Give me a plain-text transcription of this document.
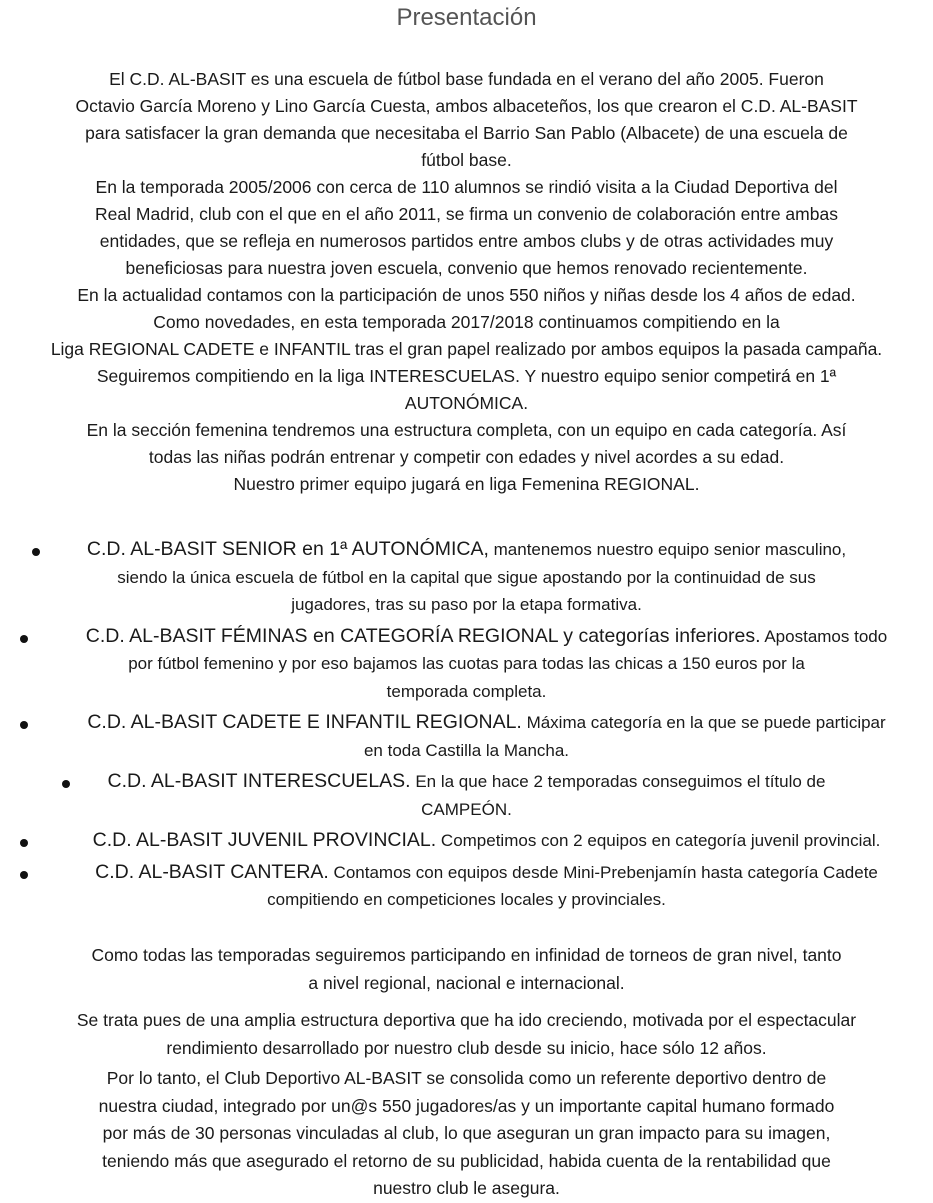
Presentación
El C.D. AL-BASIT es una escuela de fútbol base fundada en el verano del año 2005. Fueron
Octavio García Moreno y Lino García Cuesta, ambos albaceteños, los que crearon el C.D. AL-BASIT
para satisfacer la gran demanda que necesitaba el Barrio San Pablo (Albacete) de una escuela de
fútbol base.
En la temporada 2005/2006 con cerca de 110 alumnos se rindió visita a la Ciudad Deportiva del
Real Madrid, club con el que en el año 2011, se firma un convenio de colaboración entre ambas
entidades, que se refleja en numerosos partidos entre ambos clubs y de otras actividades muy
beneficiosas para nuestra joven escuela, convenio que hemos renovado recientemente.
En la actualidad contamos con la participación de unos 550 niños y niñas desde los 4 años de edad.
Como novedades, en esta temporada 2017/2018 continuamos compitiendo en la
Liga REGIONAL CADETE e INFANTIL tras el gran papel realizado por ambos equipos la pasada campaña.
Seguiremos compitiendo en la liga INTERESCUELAS. Y nuestro equipo senior competirá en 1ª
AUTONÓMICA.
En la sección femenina tendremos una estructura completa, con un equipo en cada categoría. Así
todas las niñas podrán entrenar y competir con edades y nivel acordes a su edad.
Nuestro primer equipo jugará en liga Femenina REGIONAL.
C.D. AL-BASIT SENIOR en 1ª AUTONÓMICA, mantenemos nuestro equipo senior masculino,
siendo la única escuela de fútbol en la capital que sigue apostando por la continuidad de sus
jugadores, tras su paso por la etapa formativa.
C.D. AL-BASIT FÉMINAS en CATEGORÍA REGIONAL y categorías inferiores. Apostamos todo
por fútbol femenino y por eso bajamos las cuotas para todas las chicas a 150 euros por la
temporada completa.
C.D. AL-BASIT CADETE E INFANTIL REGIONAL. Máxima categoría en la que se puede participar
en toda Castilla la Mancha.
C.D. AL-BASIT INTERESCUELAS. En la que hace 2 temporadas conseguimos el título de
CAMPEÓN.
C.D. AL-BASIT JUVENIL PROVINCIAL. Competimos con 2 equipos en categoría juvenil provincial.
C.D. AL-BASIT CANTERA. Contamos con equipos desde Mini-Prebenjamín hasta categoría Cadete
compitiendo en competiciones locales y provinciales.
Como todas las temporadas seguiremos participando en infinidad de torneos de gran nivel, tanto
a nivel regional, nacional e internacional.
Se trata pues de una amplia estructura deportiva que ha ido creciendo, motivada por el espectacular
rendimiento desarrollado por nuestro club desde su inicio, hace sólo 12 años.
Por lo tanto, el Club Deportivo AL-BASIT se consolida como un referente deportivo dentro de
nuestra ciudad, integrado por un@s 550 jugadores/as y un importante capital humano formado
por más de 30 personas vinculadas al club, lo que aseguran un gran impacto para su imagen,
teniendo más que asegurado el retorno de su publicidad, habida cuenta de la rentabilidad que
nuestro club le asegura.
